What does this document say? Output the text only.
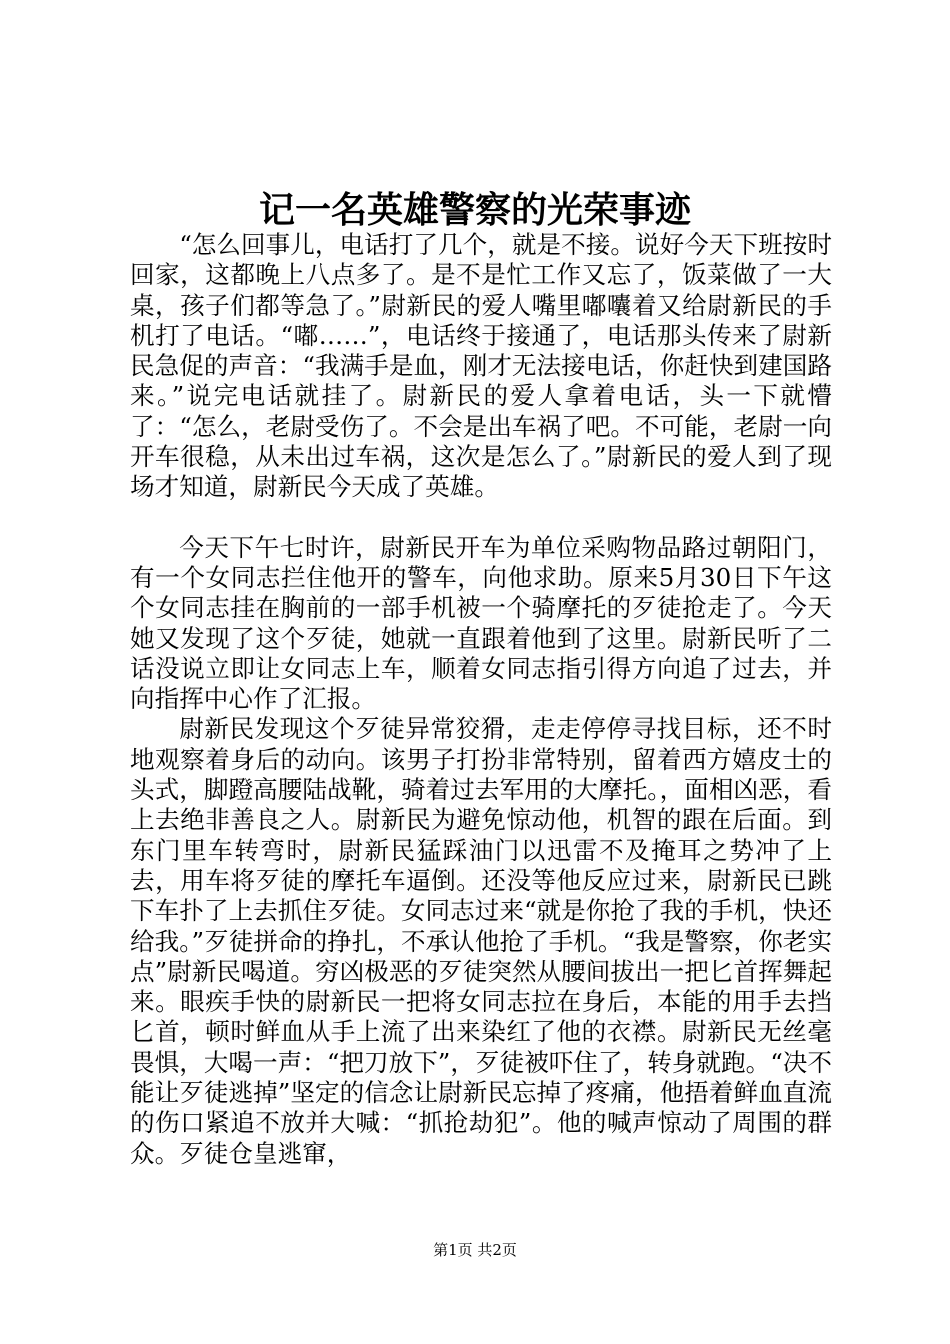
记一名英雄警察的光荣事迹

“怎么回事儿，电话打了几个，就是不接。说好今天下班按时回家，这都晚上八点多了。是不是忙工作又忘了，饭菜做了一大桌，孩子们都等急了。”尉新民的爱人嘴里嘟囔着又给尉新民的手机打了电话。“嘟……”，电话终于接通了，电话那头传来了尉新民急促的声音：“我满手是血，刚才无法接电话，你赶快到建国路来。”说完电话就挂了。尉新民的爱人拿着电话，头一下就懵了：“怎么，老尉受伤了。不会是出车祸了吧。不可能，老尉一向开车很稳，从未出过车祸，这次是怎么了。”尉新民的爱人到了现场才知道，尉新民今天成了英雄。

今天下午七时许，尉新民开车为单位采购物品路过朝阳门，有一个女同志拦住他开的警车，向他求助。原来5月30日下午这个女同志挂在胸前的一部手机被一个骑摩托的歹徒抢走了。今天她又发现了这个歹徒，她就一直跟着他到了这里。尉新民听了二话没说立即让女同志上车，顺着女同志指引得方向追了过去，并向指挥中心作了汇报。

尉新民发现这个歹徒异常狡猾，走走停停寻找目标，还不时地观察着身后的动向。该男子打扮非常特别，留着西方嬉皮士的头式，脚蹬高腰陆战靴，骑着过去军用的大摩托。，面相凶恶，看上去绝非善良之人。尉新民为避免惊动他，机智的跟在后面。到东门里车转弯时，尉新民猛踩油门以迅雷不及掩耳之势冲了上去，用车将歹徒的摩托车逼倒。还没等他反应过来，尉新民已跳下车扑了上去抓住歹徒。女同志过来“就是你抢了我的手机，快还给我。”歹徒拼命的挣扎，不承认他抢了手机。“我是警察，你老实点”尉新民喝道。穷凶极恶的歹徒突然从腰间拔出一把匕首挥舞起来。眼疾手快的尉新民一把将女同志拉在身后，本能的用手去挡匕首，顿时鲜血从手上流了出来染红了他的衣襟。尉新民无丝毫畏惧，大喝一声：“把刀放下”，歹徒被吓住了，转身就跑。“决不能让歹徒逃掉”坚定的信念让尉新民忘掉了疼痛，他捂着鲜血直流的伤口紧追不放并大喊：“抓抢劫犯”。他的喊声惊动了周围的群众。歹徒仓皇逃窜，

第1页 共2页
